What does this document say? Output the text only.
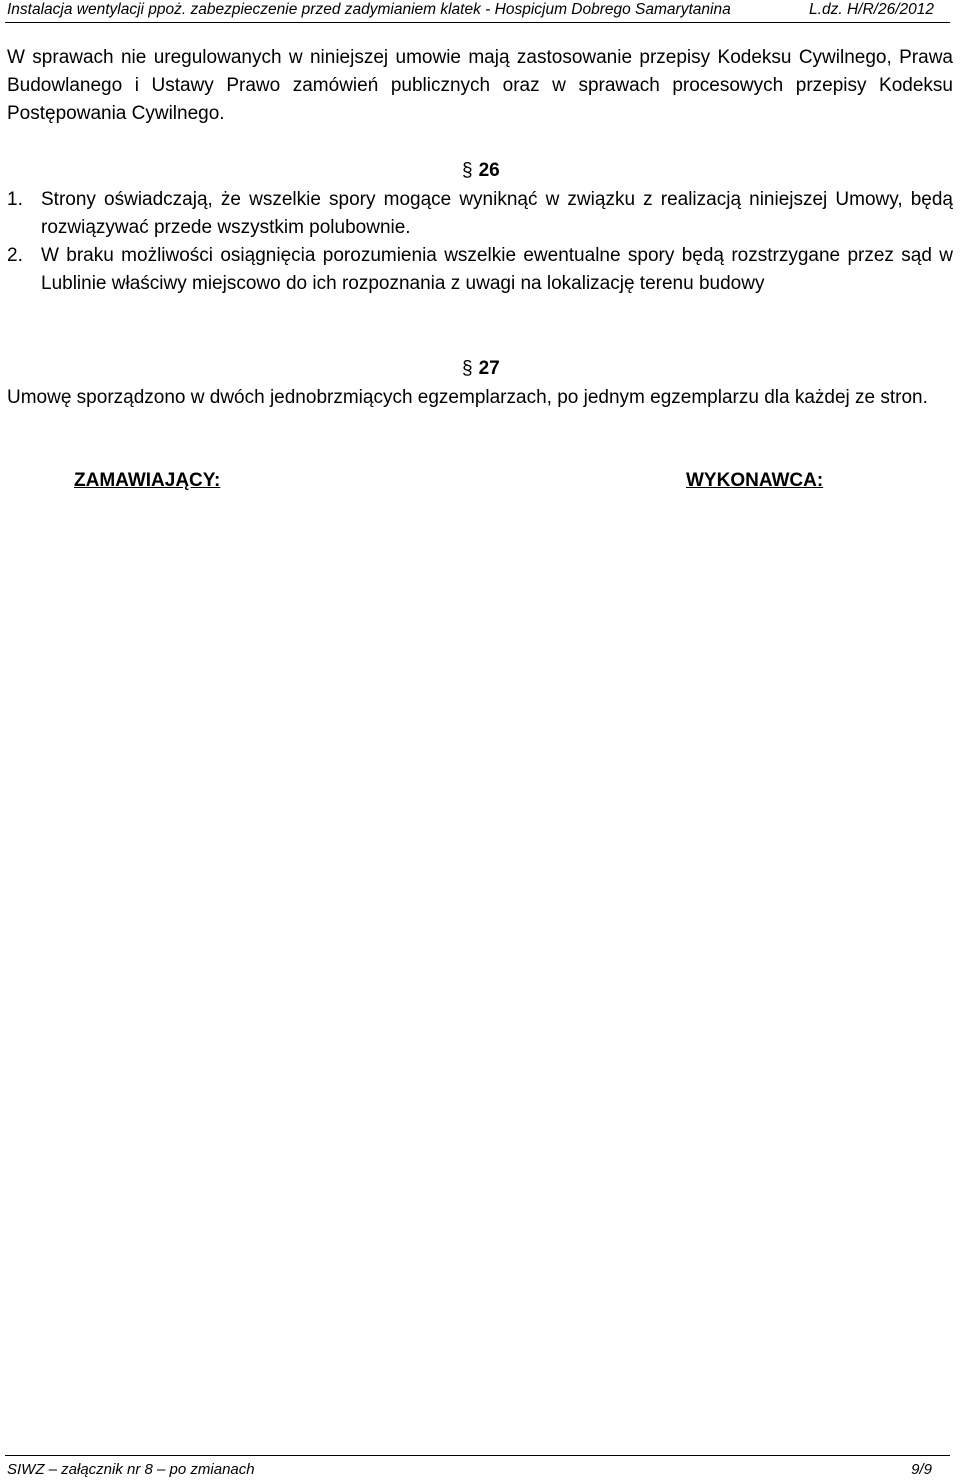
Instalacja wentylacji ppoż. zabezpieczenie przed zadymianiem klatek - Hospicjum Dobrego Samarytanina	L.dz. H/R/26/2012

W sprawach nie uregulowanych w niniejszej umowie mają zastosowanie przepisy Kodeksu Cywilnego, Prawa Budowlanego i Ustawy Prawo zamówień publicznych oraz w sprawach procesowych przepisy Kodeksu Postępowania Cywilnego.

§ 26
1. Strony oświadczają, że wszelkie spory mogące wyniknąć w związku z realizacją niniejszej Umowy, będą rozwiązywać przede wszystkim polubownie.
2. W braku możliwości osiągnięcia porozumienia wszelkie ewentualne spory będą rozstrzygane przez sąd w Lublinie właściwy miejscowo do ich rozpoznania z uwagi na lokalizację terenu budowy
§ 27

Umowę sporządzono w dwóch jednobrzmiących egzemplarzach, po jednym egzemplarzu dla każdej ze stron.

ZAMAWIAJĄCY:	WYKONAWCA:
SIWZ – załącznik nr 8 – po zmianach	9/9
